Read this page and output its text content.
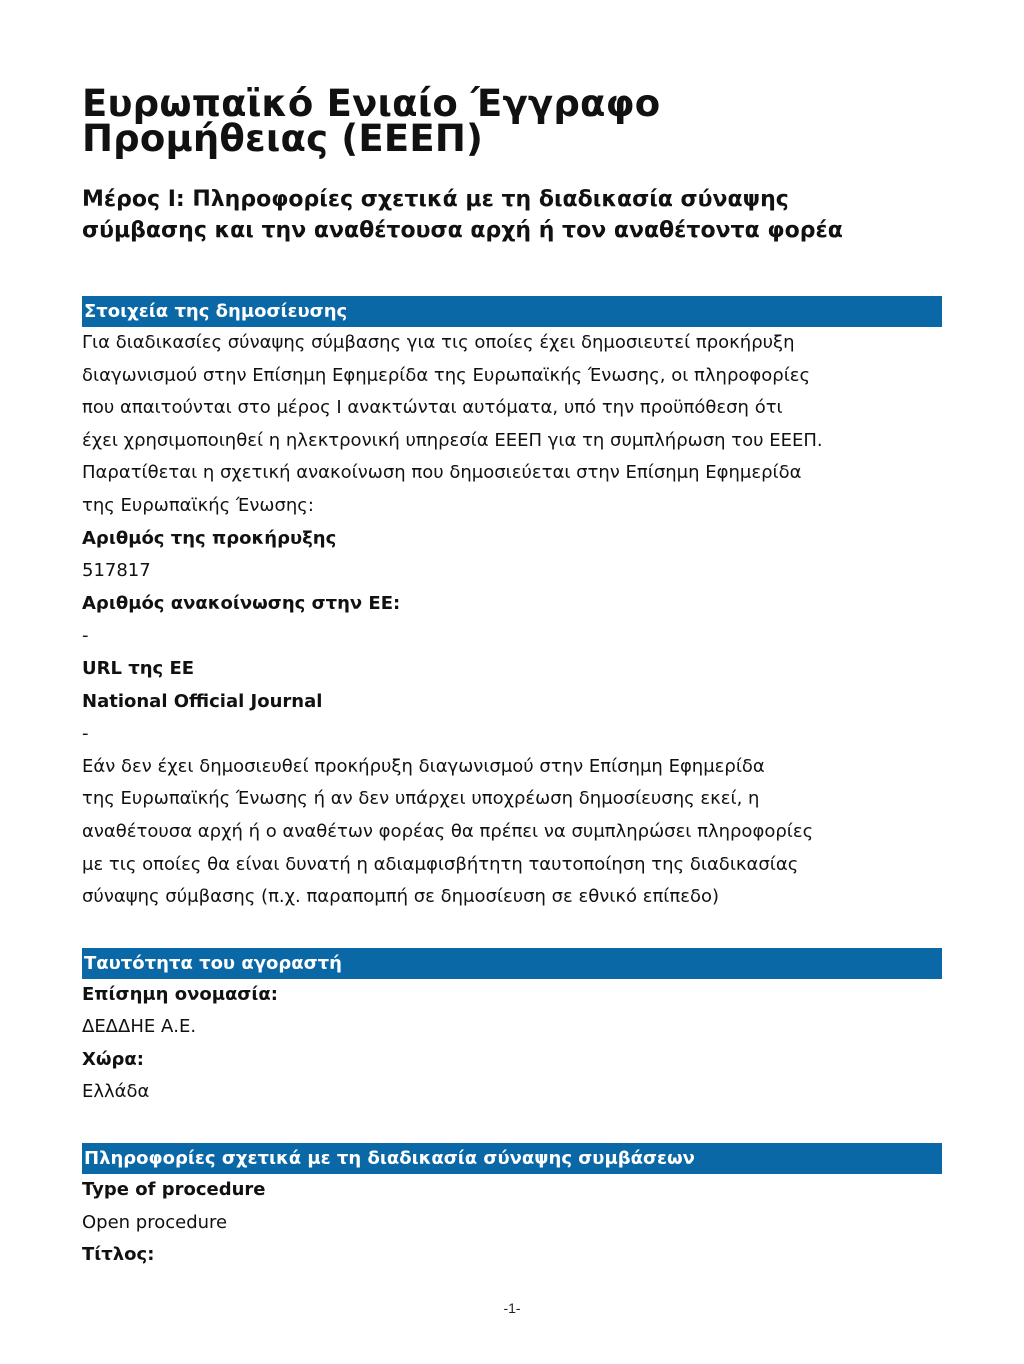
Ευρωπαϊκό Ενιαίο Έγγραφο
Προμήθειας (ΕΕΕΠ)
Μέρος I: Πληροφορίες σχετικά με τη διαδικασία σύναψης
σύμβασης και την αναθέτουσα αρχή ή τον αναθέτοντα φορέα
Στοιχεία της δημοσίευσης
Για διαδικασίες σύναψης σύμβασης για τις οποίες έχει δημοσιευτεί προκήρυξη
διαγωνισμού στην Επίσημη Εφημερίδα της Ευρωπαϊκής Ένωσης, οι πληροφορίες
που απαιτούνται στο μέρος I ανακτώνται αυτόματα, υπό την προϋπόθεση ότι
έχει χρησιμοποιηθεί η ηλεκτρονική υπηρεσία ΕΕΕΠ για τη συμπλήρωση του ΕΕΕΠ.
Παρατίθεται η σχετική ανακοίνωση που δημοσιεύεται στην Επίσημη Εφημερίδα
της Ευρωπαϊκής Ένωσης:
Αριθμός της προκήρυξης
517817
Αριθμός ανακοίνωσης στην ΕΕ:
-
URL της ΕΕ
National Official Journal
-
Εάν δεν έχει δημοσιευθεί προκήρυξη διαγωνισμού στην Επίσημη Εφημερίδα
της Ευρωπαϊκής Ένωσης ή αν δεν υπάρχει υποχρέωση δημοσίευσης εκεί, η
αναθέτουσα αρχή ή ο αναθέτων φορέας θα πρέπει να συμπληρώσει πληροφορίες
με τις οποίες θα είναι δυνατή η αδιαμφισβήτητη ταυτοποίηση της διαδικασίας
σύναψης σύμβασης (π.χ. παραπομπή σε δημοσίευση σε εθνικό επίπεδο)
Ταυτότητα του αγοραστή
Επίσημη ονομασία:
ΔΕΔΔΗΕ Α.Ε.
Χώρα:
Ελλάδα
Πληροφορίες σχετικά με τη διαδικασία σύναψης συμβάσεων
Type of procedure
Open procedure
Τίτλος:
-1-
